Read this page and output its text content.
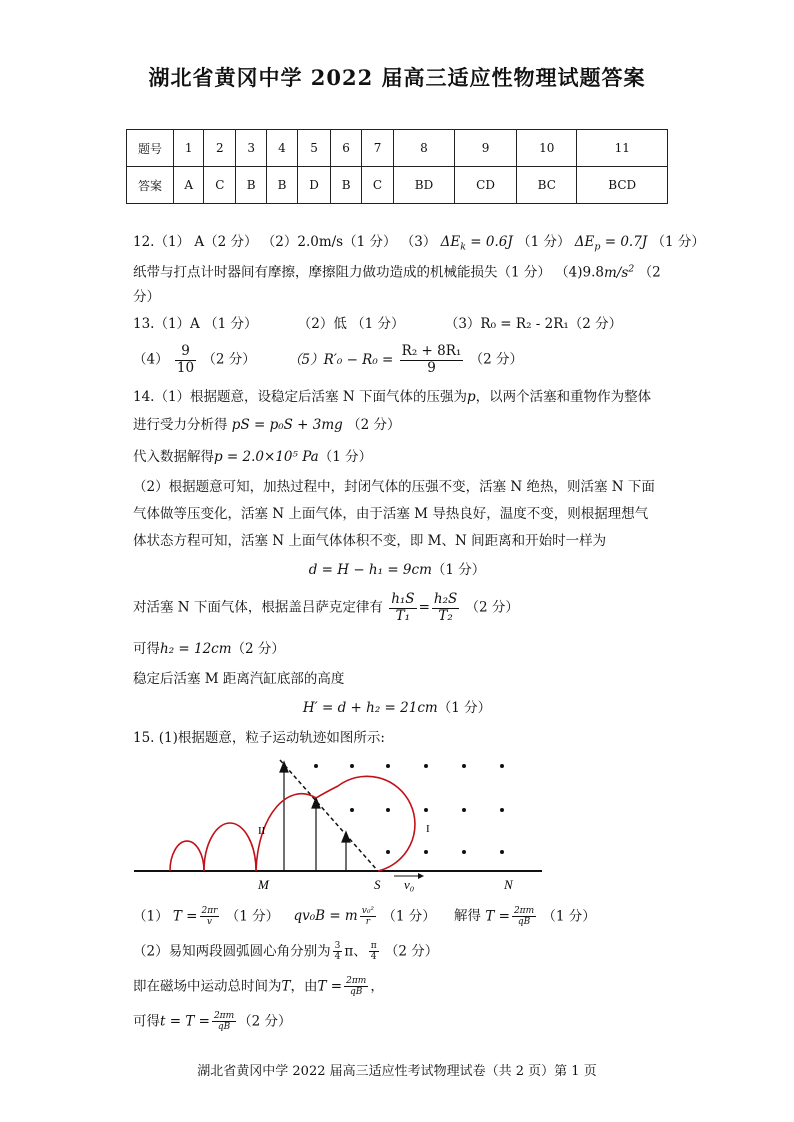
湖北省黄冈中学 2022 届高三适应性物理试题答案
题号	1	2	3	4	5	6	7	8	9	10	11
答案	A	C	B	B	D	B	C	BD	CD	BC	BCD
12.（1） A（2 分） （2）2.0m/s（1 分） （3） $\Delta E_k = 0.6J$ （1 分） $\Delta E_p = 0.7J$ （1 分）
纸带与打点计时器间有摩擦，摩擦阻力做功造成的机械能损失（1 分） $(4)9.8m/s^2$ （2
分）
13.（1）A （1 分）	（2）低 （1 分）	（3）R₀ = R₂ - 2R₁（2 分）
$(4) \frac{9}{10} (2$ 分） $(5)R'_0 - R_0 = \frac{\text{R₂ + 8R₁}}{9} (2$ 分）
14.（1）根据题意，设稳定后活塞 N 下面气体的压强为p，以两个活塞和重物作为整体
进行受力分析得 pS = p₀S + 3mg （2 分）
代入数据解得p = 2.0×10⁵ Pa（1 分）
（2）根据题意可知，加热过程中，封闭气体的压强不变，活塞 N 绝热，则活塞 N 下面
气体做等压变化，活塞 N 上面气体，由于活塞 M 导热良好，温度不变，则根据理想气
体状态方程可知，活塞 N 上面气体体积不变，即 M、N 间距离和开始时一样为
d = H − h₁ = 9cm（1 分）
对活塞 N 下面气体，根据盖吕萨克定律有 $\frac{\text{h₁S}}{\text{T₁}} = \frac{\text{h₂S}}{\text{T₂}} (2$ 分）
可得h₂ = 12cm（2 分）
稳定后活塞 M 距离汽缸底部的高度
H′ = d + h₂ = 21cm（1 分）
15. (1)根据题意，粒子运动轨迹如图所示:
I
II
M	S v₀	N
（1） $T = \frac{2\pi r}{v} (1$ 分） qv₀B = m $\frac{\text{v₀²}}{r} (1$ 分） 解得 $T = \frac{2\pi m}{qB} (1$ 分）
（2）易知两段圆弧圆心角分别为 $\frac{3}{4}$ π、 $\frac{\pi}{4} (2$ 分）
即在磁场中运动总时间为T，由$T = \frac{2\pi m}{qB}$ ，
可得$t = T = \frac{2\pi m}{qB} (2$ 分）
湖北省黄冈中学 2022 届高三适应性考试物理试卷（共 2 页）第 1 页
